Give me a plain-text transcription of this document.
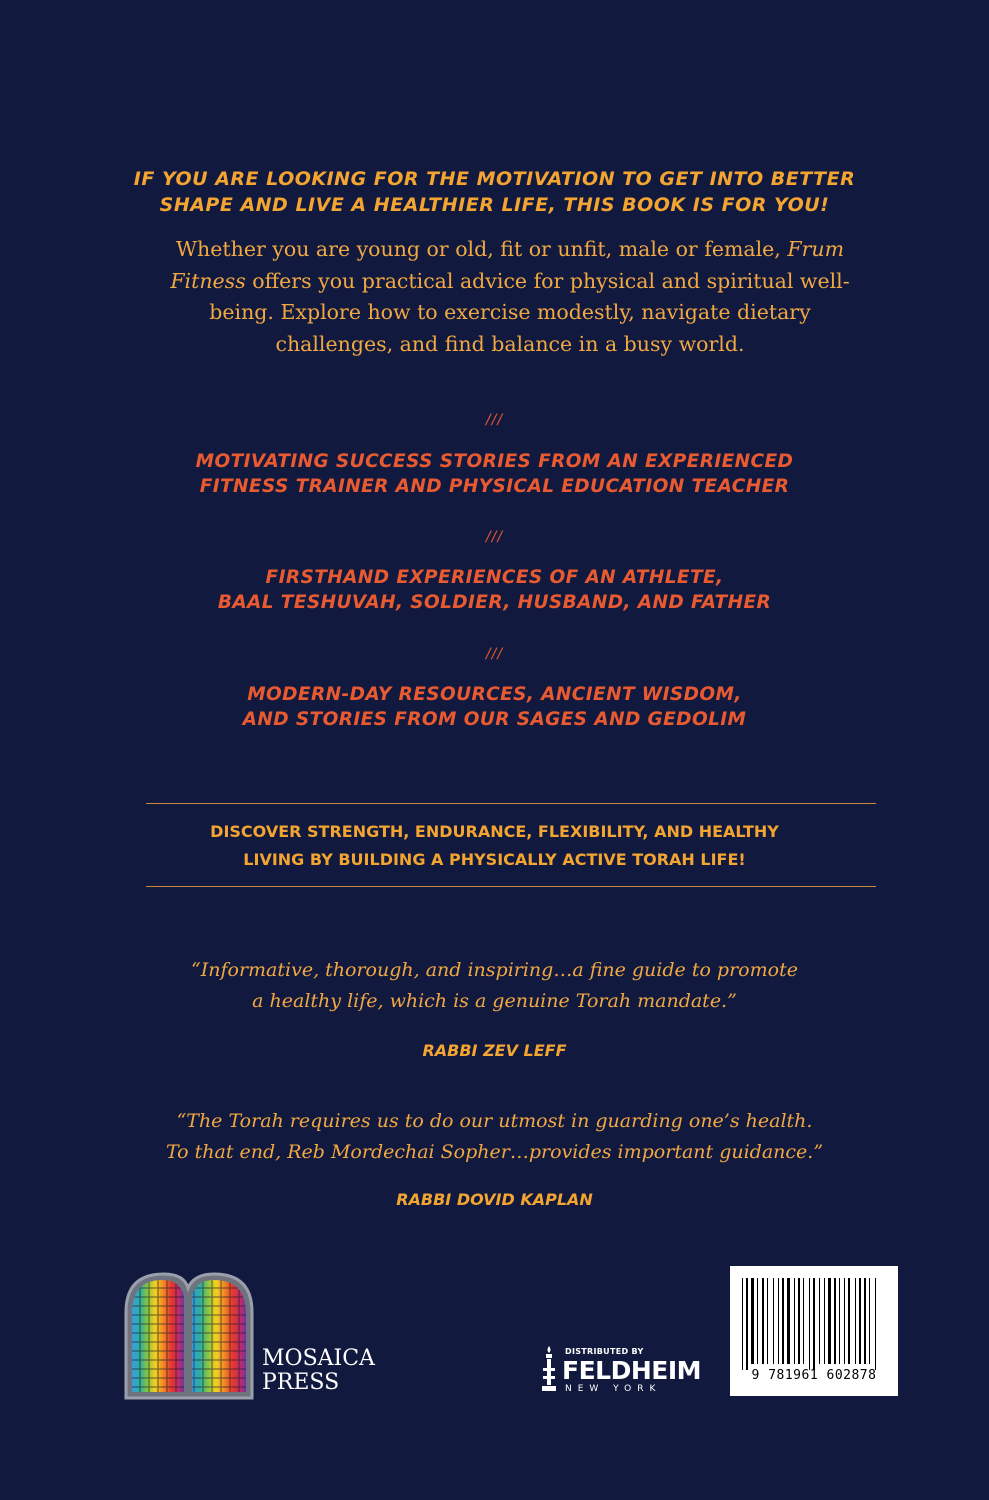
IF YOU ARE LOOKING FOR THE MOTIVATION TO GET INTO BETTER
SHAPE AND LIVE A HEALTHIER LIFE, THIS BOOK IS FOR YOU!
Whether you are young or old, fit or unfit, male or female, Frum Fitness offers you practical advice for physical and spiritual well-being. Explore how to exercise modestly, navigate dietary challenges, and find balance in a busy world.
///
MOTIVATING SUCCESS STORIES FROM AN EXPERIENCED
FITNESS TRAINER AND PHYSICAL EDUCATION TEACHER
///
FIRSTHAND EXPERIENCES OF AN ATHLETE,
BAAL TESHUVAH, SOLDIER, HUSBAND, AND FATHER
///
MODERN-DAY RESOURCES, ANCIENT WISDOM,
AND STORIES FROM OUR SAGES AND GEDOLIM
DISCOVER STRENGTH, ENDURANCE, FLEXIBILITY, AND HEALTHY
LIVING BY BUILDING A PHYSICALLY ACTIVE TORAH LIFE!
“Informative, thorough, and inspiring…a fine guide to promote
a healthy life, which is a genuine Torah mandate.”
RABBI ZEV LEFF
“The Torah requires us to do our utmost in guarding one’s health.
To that end, Reb Mordechai Sopher…provides important guidance.”
RABBI DOVID KAPLAN
MOSAICA
PRESS
DISTRIBUTED BY
FELDHEIM
NEW YORK
9 781961 602878
